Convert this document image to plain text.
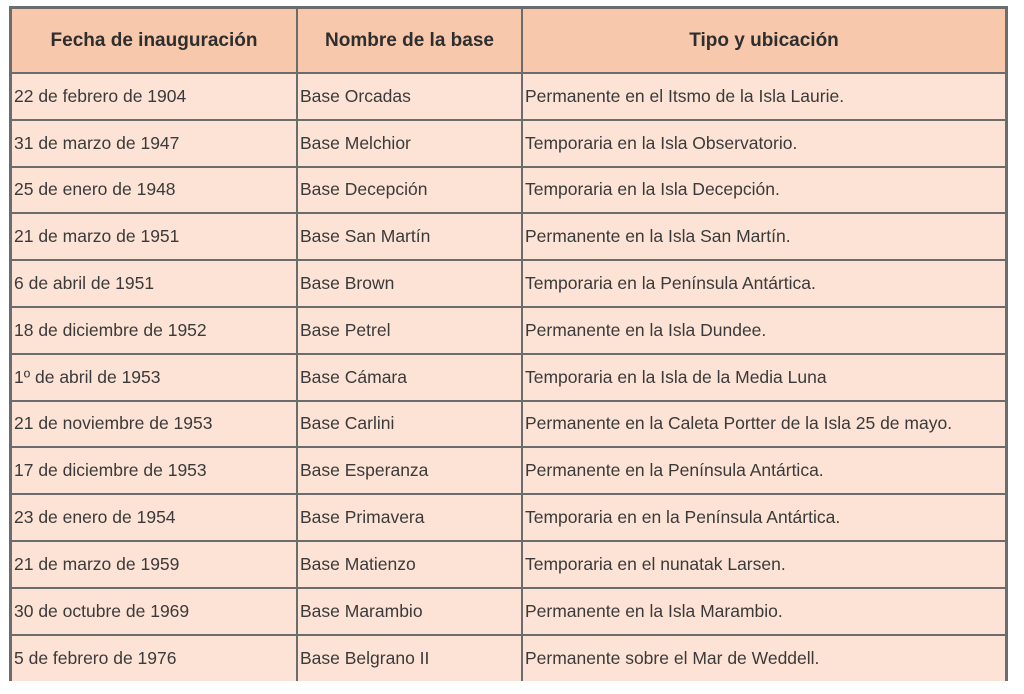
Fecha de inauguración	Nombre de la base	Tipo y ubicación
22 de febrero de 1904	Base Orcadas	Permanente en el Itsmo de la Isla Laurie.
31 de marzo de 1947	Base Melchior	Temporaria en la Isla Observatorio.
25 de enero de 1948	Base Decepción	Temporaria en la Isla Decepción.
21 de marzo de 1951	Base San Martín	Permanente en la Isla San Martín.
6 de abril de 1951	Base Brown	Temporaria en la Península Antártica.
18 de diciembre de 1952	Base Petrel	Permanente en la Isla Dundee.
1º de abril de 1953	Base Cámara	Temporaria en la Isla de la Media Luna
21 de noviembre de 1953	Base Carlini	Permanente en la Caleta Portter de la Isla 25 de mayo.
17 de diciembre de 1953	Base Esperanza	Permanente en la Península Antártica.
23 de enero de 1954	Base Primavera	Temporaria en en la Península Antártica.
21 de marzo de 1959	Base Matienzo	Temporaria en el nunatak Larsen.
30 de octubre de 1969	Base Marambio	Permanente en la Isla Marambio.
5 de febrero de 1976	Base Belgrano II	Permanente sobre el Mar de Weddell.
